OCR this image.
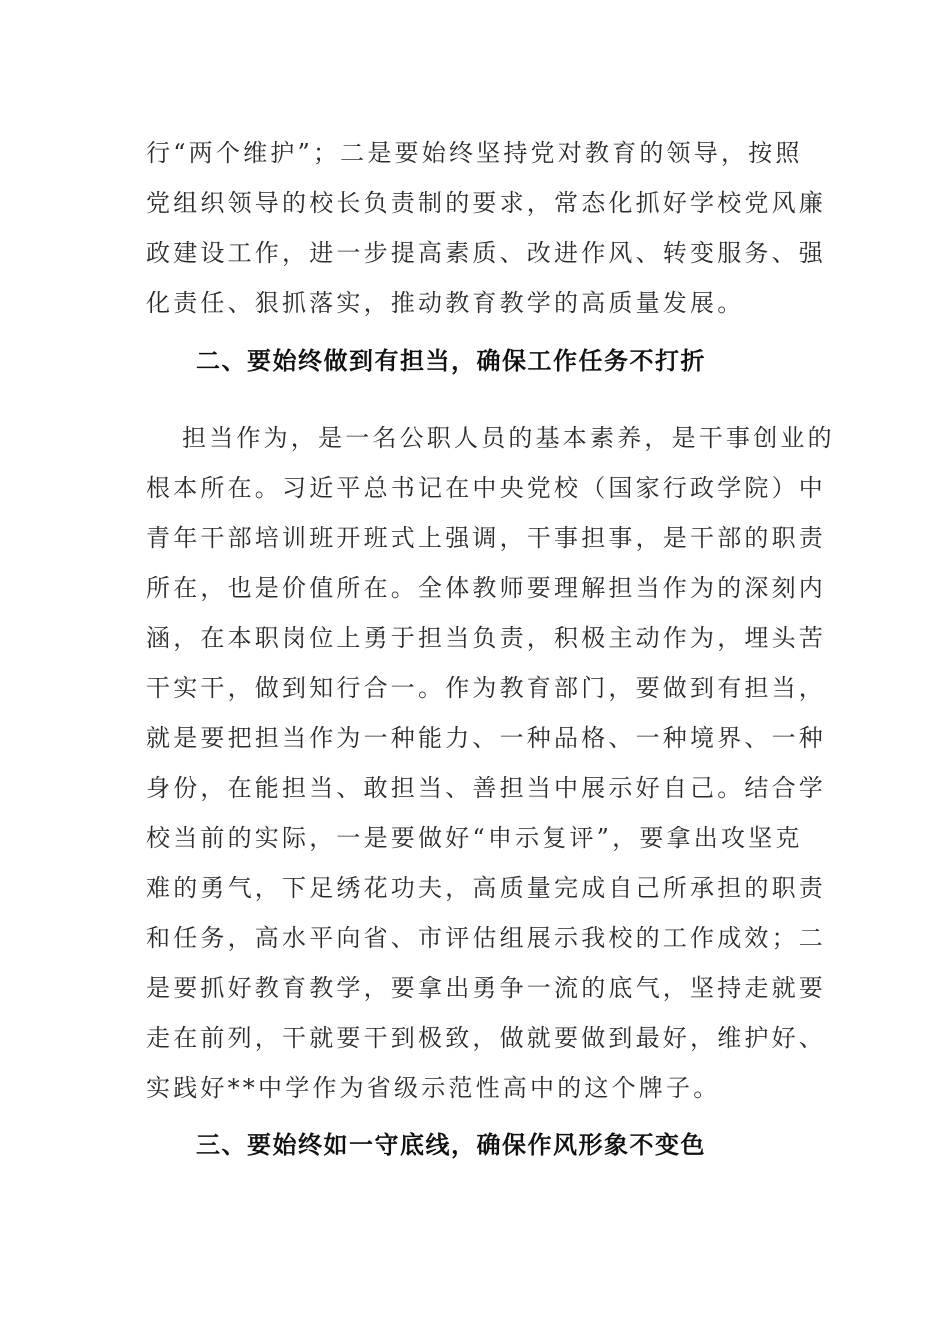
行“两个维护”；二是要始终坚持党对教育的领导，按照
党组织领导的校长负责制的要求，常态化抓好学校党风廉
政建设工作，进一步提高素质、改进作风、转变服务、强
化责任、狠抓落实，推动教育教学的高质量发展。
二、要始终做到有担当，确保工作任务不打折
担当作为，是一名公职人员的基本素养，是干事创业的
根本所在。习近平总书记在中央党校（国家行政学院）中
青年干部培训班开班式上强调，干事担事，是干部的职责
所在，也是价值所在。全体教师要理解担当作为的深刻内
涵，在本职岗位上勇于担当负责，积极主动作为，埋头苦
干实干，做到知行合一。作为教育部门，要做到有担当，
就是要把担当作为一种能力、一种品格、一种境界、一种
身份，在能担当、敢担当、善担当中展示好自己。结合学
校当前的实际，一是要做好“申示复评”，要拿出攻坚克
难的勇气，下足绣花功夫，高质量完成自己所承担的职责
和任务，高水平向省、市评估组展示我校的工作成效；二
是要抓好教育教学，要拿出勇争一流的底气，坚持走就要
走在前列，干就要干到极致，做就要做到最好，维护好、
实践好**中学作为省级示范性高中的这个牌子。
三、要始终如一守底线，确保作风形象不变色
